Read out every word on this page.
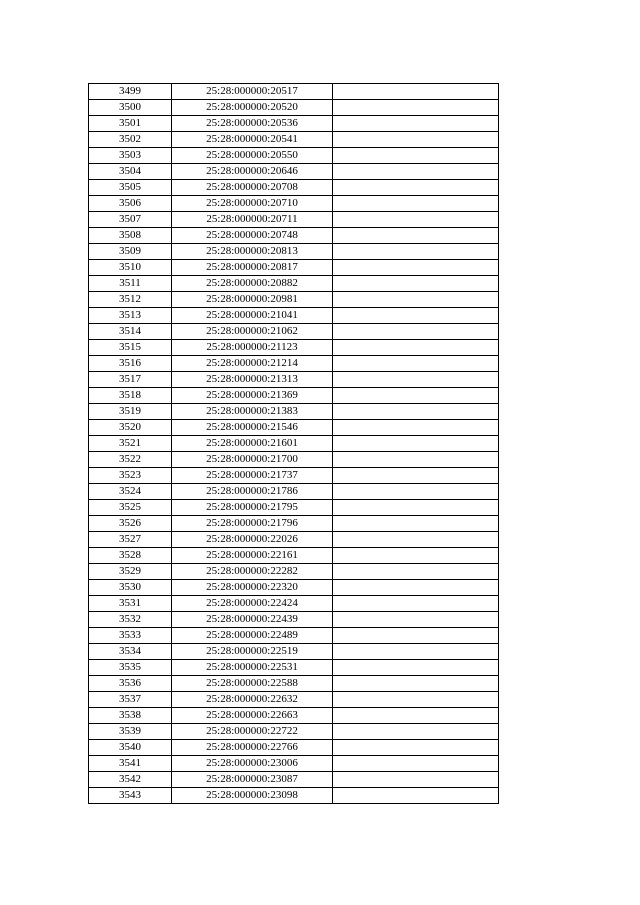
3499	25:28:000000:20517	
3500	25:28:000000:20520	
3501	25:28:000000:20536	
3502	25:28:000000:20541	
3503	25:28:000000:20550	
3504	25:28:000000:20646	
3505	25:28:000000:20708	
3506	25:28:000000:20710	
3507	25:28:000000:20711	
3508	25:28:000000:20748	
3509	25:28:000000:20813	
3510	25:28:000000:20817	
3511	25:28:000000:20882	
3512	25:28:000000:20981	
3513	25:28:000000:21041	
3514	25:28:000000:21062	
3515	25:28:000000:21123	
3516	25:28:000000:21214	
3517	25:28:000000:21313	
3518	25:28:000000:21369	
3519	25:28:000000:21383	
3520	25:28:000000:21546	
3521	25:28:000000:21601	
3522	25:28:000000:21700	
3523	25:28:000000:21737	
3524	25:28:000000:21786	
3525	25:28:000000:21795	
3526	25:28:000000:21796	
3527	25:28:000000:22026	
3528	25:28:000000:22161	
3529	25:28:000000:22282	
3530	25:28:000000:22320	
3531	25:28:000000:22424	
3532	25:28:000000:22439	
3533	25:28:000000:22489	
3534	25:28:000000:22519	
3535	25:28:000000:22531	
3536	25:28:000000:22588	
3537	25:28:000000:22632	
3538	25:28:000000:22663	
3539	25:28:000000:22722	
3540	25:28:000000:22766	
3541	25:28:000000:23006	
3542	25:28:000000:23087	
3543	25:28:000000:23098	
